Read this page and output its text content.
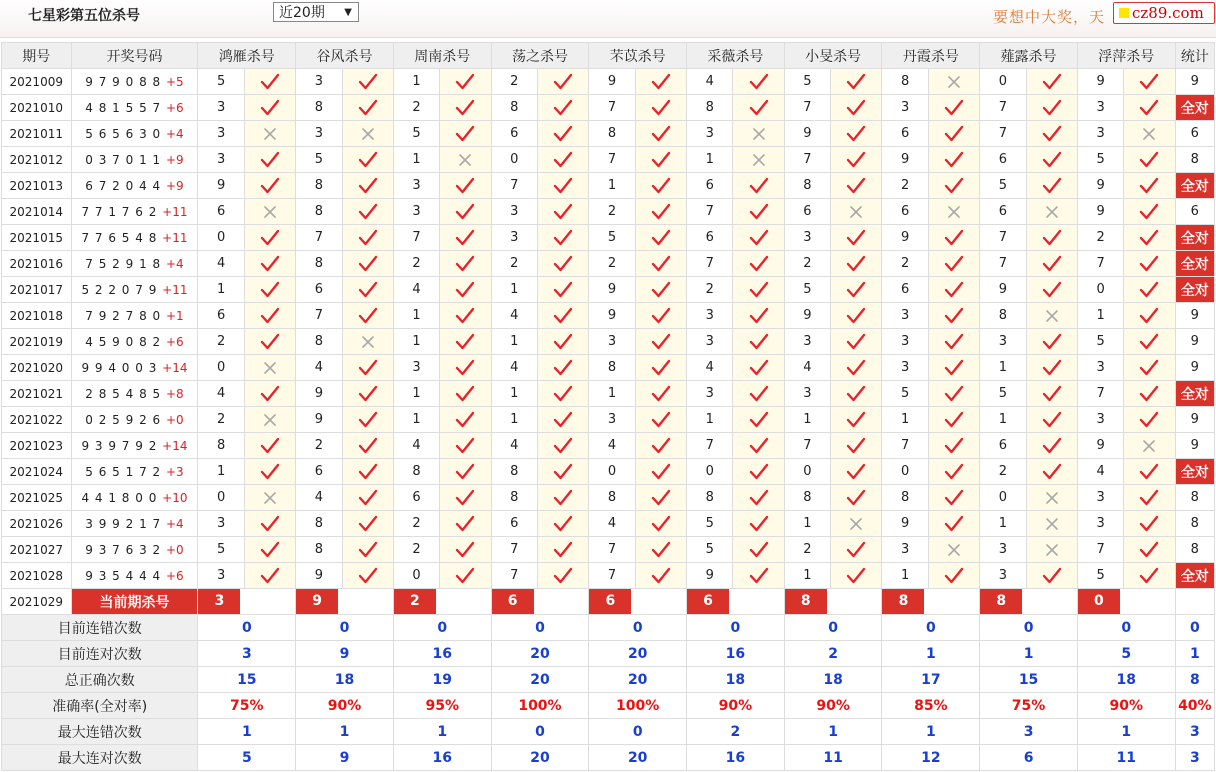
七星彩第五位杀号	近20期 ▼	要想中大奖，天 cz89.com
期号	开奖号码	鸿雁杀号		谷风杀号		周南杀号		荡之杀号		芣苡杀号		采薇杀号		小旻杀号		丹霞杀号		薤露杀号		浮萍杀号		统计
2021009	9 7 9 0 8 8 +5	5		3		1		2		9		4		5		8		0		9		9
2021010	4 8 1 5 5 7 +6	3		8		2		8		7		8		7		3		7		3		全对
2021011	5 6 5 6 3 0 +4	3		3		5		6		8		3		9		6		7		3		6
2021012	0 3 7 0 1 1 +9	3		5		1		0		7		1		7		9		6		5		8
2021013	6 7 2 0 4 4 +9	9		8		3		7		1		6		8		2		5		9		全对
2021014	7 7 1 7 6 2 +11	6		8		3		3		2		7		6		6		6		9		6
2021015	7 7 6 5 4 8 +11	0		7		7		3		5		6		3		9		7		2		全对
2021016	7 5 2 9 1 8 +4	4		8		2		2		2		7		2		2		7		7		全对
2021017	5 2 2 0 7 9 +11	1		6		4		1		9		2		5		6		9		0		全对
2021018	7 9 2 7 8 0 +1	6		7		1		4		9		3		9		3		8		1		9
2021019	4 5 9 0 8 2 +6	2		8		1		1		3		3		3		3		3		5		9
2021020	9 9 4 0 0 3 +14	0		4		3		4		8		4		4		3		1		3		9
2021021	2 8 5 4 8 5 +8	4		9		1		1		1		3		3		5		5		7		全对
2021022	0 2 5 9 2 6 +0	2		9		1		1		3		1		1		1		1		3		9
2021023	9 3 9 7 9 2 +14	8		2		4		4		4		7		7		7		6		9		9
2021024	5 6 5 1 7 2 +3	1		6		8		8		0		0		0		0		2		4		全对
2021025	4 4 1 8 0 0 +10	0		4		6		8		8		8		8		8		0		3		8
2021026	3 9 9 2 1 7 +4	3		8		2		6		4		5		1		9		1		3		8
2021027	9 3 7 6 3 2 +0	5		8		2		7		7		5		2		3		3		7		8
2021028	9 3 5 4 4 4 +6	3		9		0		7		7		9		1		1		3		5		全对
2021029	当前期杀号	3		9		2		6		6		6		8		8		8		0		
目前连错次数		0		0		0		0		0		0		0		0		0		0		0
目前连对次数		3		9		16		20		20		16		2		1		1		5		1
总正确次数		15		18		19		20		20		18		18		17		15		18		8
准确率(全对率)		75%		90%		95%		100%		100%		90%		90%		85%		75%		90%		40%
最大连错次数		1		1		1		0		0		2		1		1		3		1		3
最大连对次数		5		9		16		20		20		16		11		12		6		11		3
